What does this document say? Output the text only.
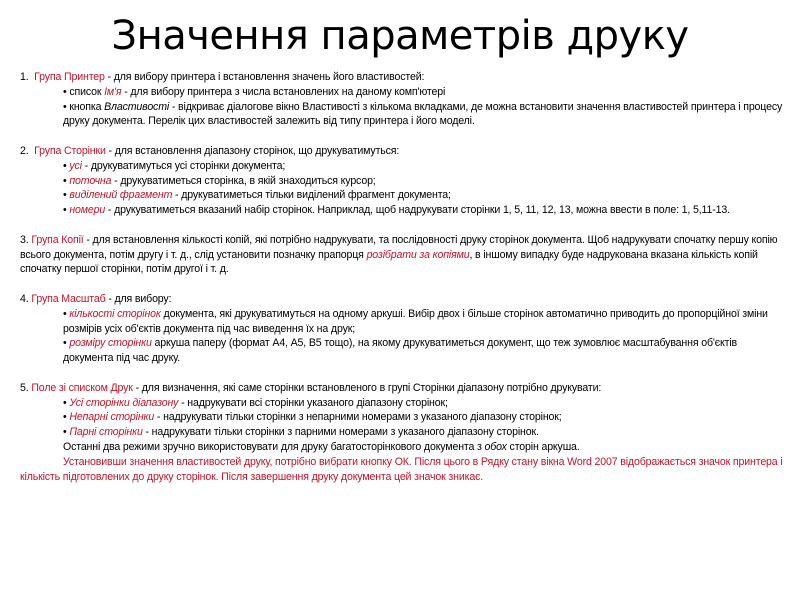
Значення параметрів друку

1. Група Принтер - для вибору принтера і встановлення значень його властивостей:

• список Ім'я - для вибору принтера з числа встановлених на даному комп'ютері

• кнопка Властивості - відкриває діалогове вікно Властивості з кількома вкладками, де можна встановити значення властивостей принтера і процесу друку документа. Перелік цих властивостей залежить від типу принтера і його моделі.

2. Група Сторінки - для встановлення діапазону сторінок, що друкуватимуться:

• усі - друкуватимуться усі сторінки документа;

• поточна - друкуватиметься сторінка, в якій знаходиться курсор;

• виділений фрагмент - друкуватиметься тільки виділений фрагмент документа;

• номери - друкуватиметься вказаний набір сторінок. Наприклад, щоб надрукувати сторінки 1, 5, 11, 12, 13, можна ввести в поле: 1, 5,11-13.

3. Група Копії - для встановлення кількості копій, які потрібно надрукувати, та послідовності друку сторінок документа. Щоб надрукувати спочатку першу копію всього документа, потім другу і т. д., слід установити позначку прапорця розібрати за копіями, в іншому випадку буде надрукована вказана кількість копій спочатку першої сторінки, потім другої і т. д.

4. Група Масштаб - для вибору:

• кількості сторінок документа, які друкуватимуться на одному аркуші. Вибір двох і більше сторінок автоматично приводить до пропорційної зміни розмірів усіх об'єктів документа під час виведення їх на друк;

• розміру сторінки аркуша паперу (формат А4, А5, В5 тощо), на якому друкуватиметься документ, що теж зумовлює масштабування об'єктів документа під час друку.

5. Поле зі списком Друк - для визначення, які саме сторінки встановленого в групі Сторінки діапазону потрібно друкувати:

• Усі сторінки діапазону - надрукувати всі сторінки указаного діапазону сторінок;

• Непарні сторінки - надрукувати тільки сторінки з непарними номерами з указаного діапазону сторінок;

• Парні сторінки - надрукувати тільки сторінки з парними номерами з указаного діапазону сторінок.

Останні два режими зручно використовувати для друку багатосторінкового документа з обох сторін аркуша.

Установивши значення властивостей друку, потрібно вибрати кнопку ОК. Після цього в Рядку стану вікна Word 2007 відображається значок принтера і кількість підготовлених до друку сторінок. Після завершення друку документа цей значок зникає.
